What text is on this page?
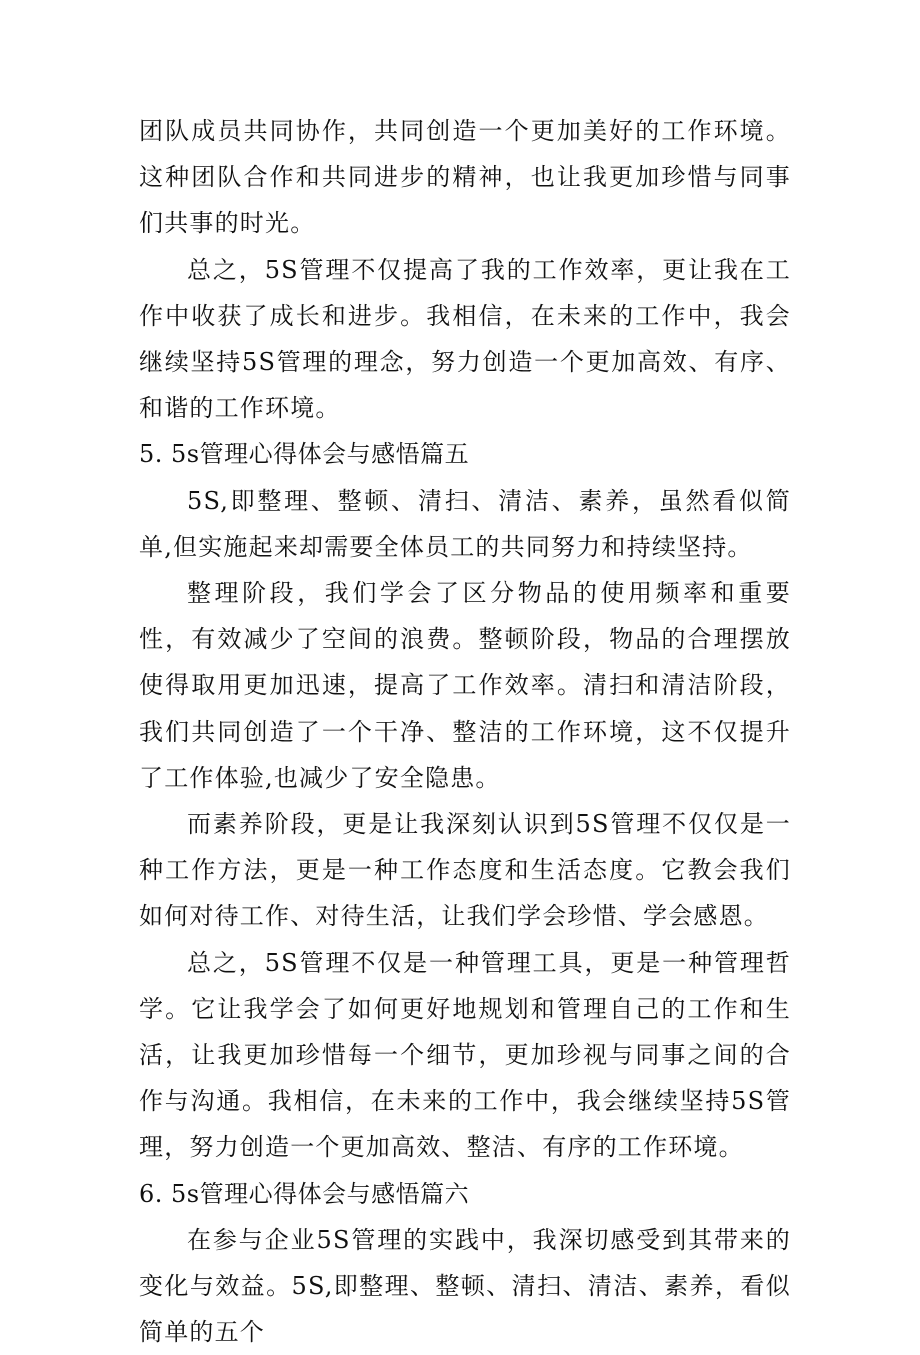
团队成员共同协作，共同创造一个更加美好的工作环境。这种团队合作和共同进步的精神，也让我更加珍惜与同事们共事的时光。

总之，5S管理不仅提高了我的工作效率，更让我在工作中收获了成长和进步。我相信，在未来的工作中，我会继续坚持5S管理的理念，努力创造一个更加高效、有序、和谐的工作环境。

5. 5s管理心得体会与感悟篇五

5S,即整理、整顿、清扫、清洁、素养，虽然看似简单,但实施起来却需要全体员工的共同努力和持续坚持。

整理阶段，我们学会了区分物品的使用频率和重要性，有效减少了空间的浪费。整顿阶段，物品的合理摆放使得取用更加迅速，提高了工作效率。清扫和清洁阶段，我们共同创造了一个干净、整洁的工作环境，这不仅提升了工作体验,也减少了安全隐患。

而素养阶段，更是让我深刻认识到5S管理不仅仅是一种工作方法，更是一种工作态度和生活态度。它教会我们如何对待工作、对待生活，让我们学会珍惜、学会感恩。

总之，5S管理不仅是一种管理工具，更是一种管理哲学。它让我学会了如何更好地规划和管理自己的工作和生活，让我更加珍惜每一个细节，更加珍视与同事之间的合作与沟通。我相信，在未来的工作中，我会继续坚持5S管理，努力创造一个更加高效、整洁、有序的工作环境。

6. 5s管理心得体会与感悟篇六

在参与企业5S管理的实践中，我深切感受到其带来的变化与效益。5S,即整理、整顿、清扫、清洁、素养，看似简单的五个
